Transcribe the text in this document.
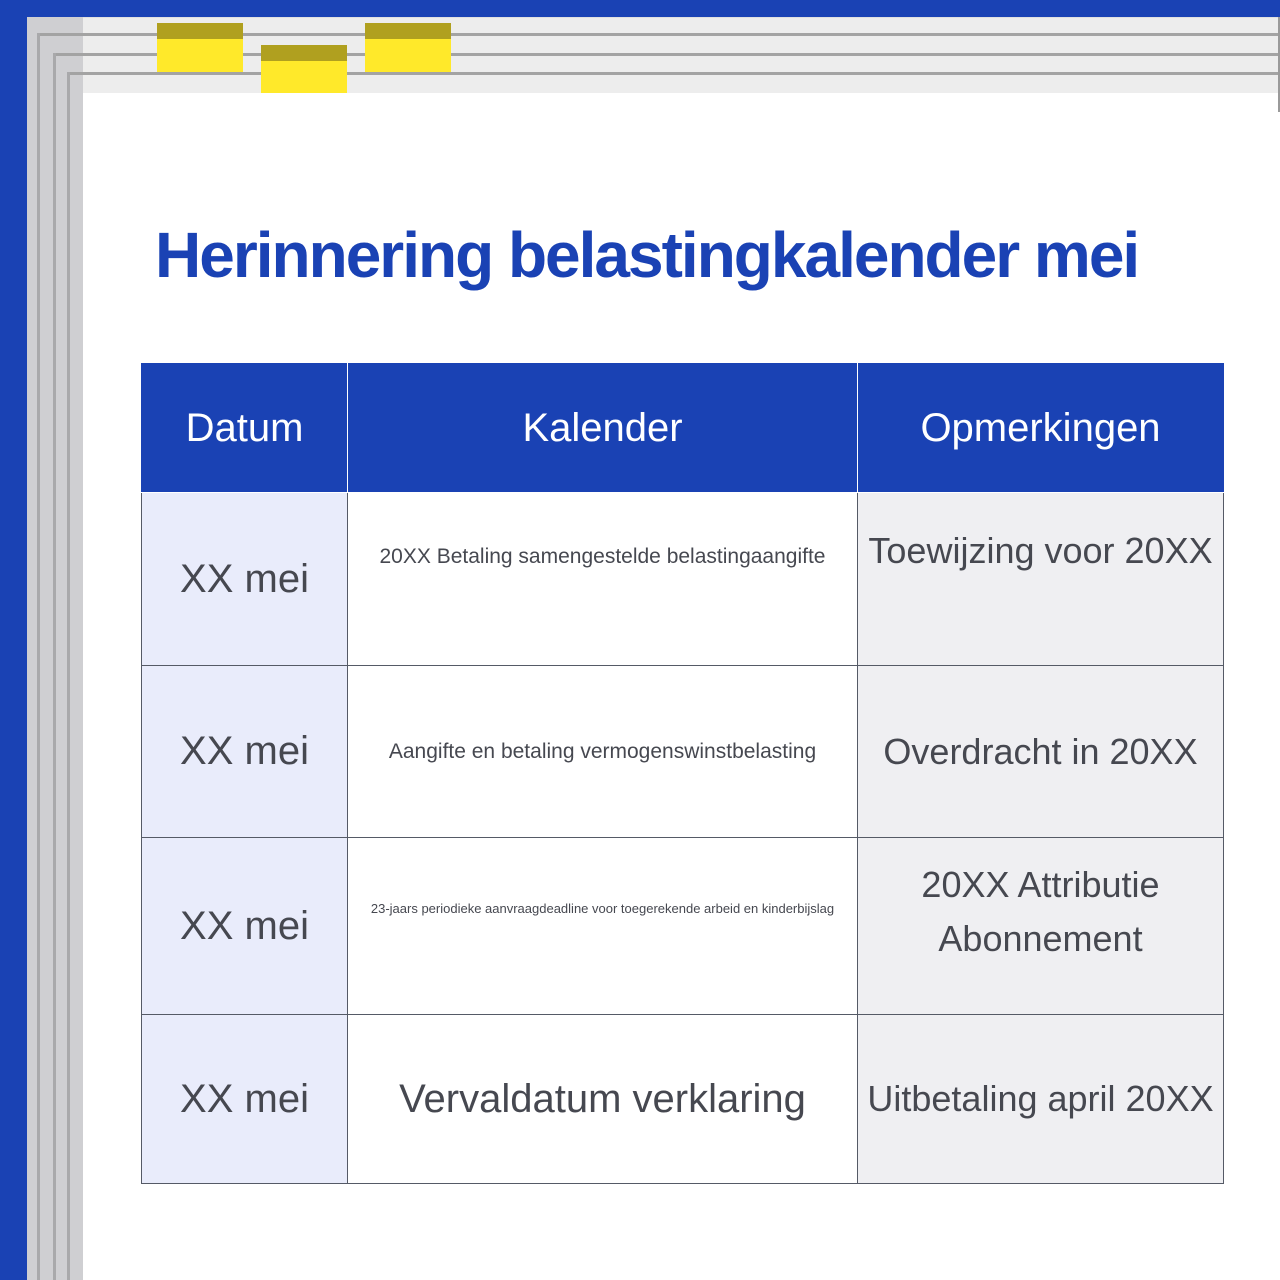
Herinnering belastingkalender mei
Datum	Kalender	Opmerkingen
XX mei	20XX Betaling samengestelde belastingaangifte	Toewijzing voor 20XX
XX mei	Aangifte en betaling vermogenswinstbelasting	Overdracht in 20XX
XX mei	23-jaars periodieke aanvraagdeadline voor toegerekende arbeid en kinderbijslag	20XX Attributie Abonnement

XX mei	Vervaldatum verklaring	Uitbetaling april 20XX
